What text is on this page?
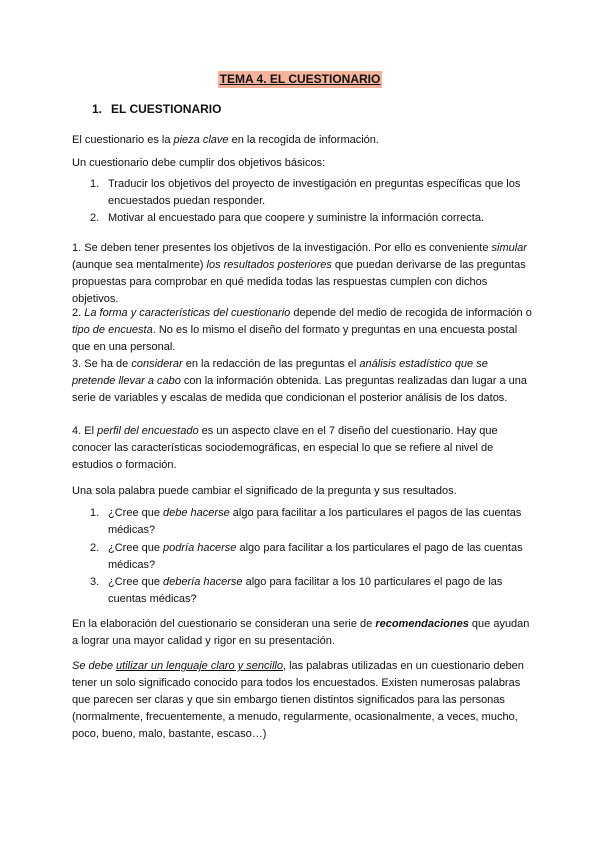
TEMA 4. EL CUESTIONARIO
1. EL CUESTIONARIO

El cuestionario es la pieza clave en la recogida de información.

Un cuestionario debe cumplir dos objetivos básicos:

1. Traducir los objetivos del proyecto de investigación en preguntas específicas que los encuestados puedan responder.
2. Motivar al encuestado para que coopere y suministre la información correcta.

1. Se deben tener presentes los objetivos de la investigación. Por ello es conveniente simular (aunque sea mentalmente) los resultados posteriores que puedan derivarse de las preguntas propuestas para comprobar en qué medida todas las respuestas cumplen con dichos objetivos.

2. La forma y características del cuestionario depende del medio de recogida de información o tipo de encuesta. No es lo mismo el diseño del formato y preguntas en una encuesta postal que en una personal.

3. Se ha de considerar en la redacción de las preguntas el análisis estadístico que se pretende llevar a cabo con la información obtenida. Las preguntas realizadas dan lugar a una serie de variables y escalas de medida que condicionan el posterior análisis de los datos.

4. El perfil del encuestado es un aspecto clave en el 7 diseño del cuestionario. Hay que conocer las características sociodemográficas, en especial lo que se refiere al nivel de estudios o formación.

Una sola palabra puede cambiar el significado de la pregunta y sus resultados.

1. ¿Cree que debe hacerse algo para facilitar a los particulares el pagos de las cuentas médicas?
2. ¿Cree que podría hacerse algo para facilitar a los particulares el pago de las cuentas médicas?
3. ¿Cree que debería hacerse algo para facilitar a los 10 particulares el pago de las cuentas médicas?

En la elaboración del cuestionario se consideran una serie de recomendaciones que ayudan a lograr una mayor calidad y rigor en su presentación.

Se debe utilizar un lenguaje claro y sencillo, las palabras utilizadas en un cuestionario deben tener un solo significado conocido para todos los encuestados. Existen numerosas palabras que parecen ser claras y que sin embargo tienen distintos significados para las personas (normalmente, frecuentemente, a menudo, regularmente, ocasionalmente, a veces, mucho, poco, bueno, malo, bastante, escaso…)
